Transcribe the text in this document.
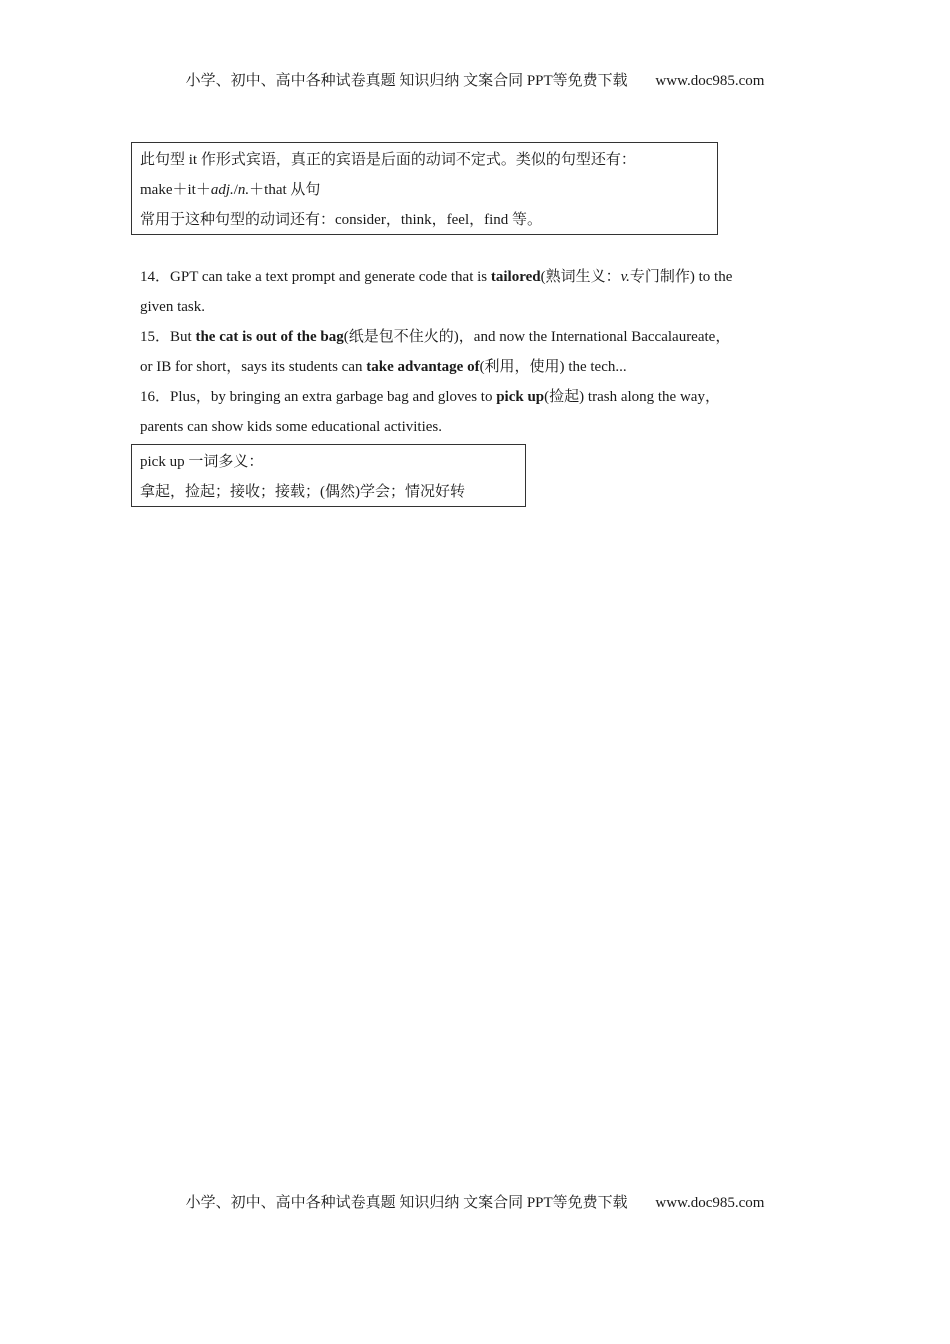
小学、初中、高中各种试卷真题 知识归纳 文案合同 PPT等免费下载 www.doc985.com

此句型 it 作形式宾语，真正的宾语是后面的动词不定式。类似的句型还有：

make＋it＋adj./n.＋that 从句

常用于这种句型的动词还有：consider，think，feel，find 等。

14．GPT can take a text prompt and generate code that is tailored(熟词生义：v.专门制作) to the
given task.

15．But the cat is out of the bag(纸是包不住火的)，and now the International Baccalaureate，
or IB for short，says its students can take advantage of(利用，使用) the tech...

16．Plus，by bringing an extra garbage bag and gloves to pick up(捡起) trash along the way，
parents can show kids some educational activities.

pick up 一词多义：

拿起，捡起；接收；接载；(偶然)学会；情况好转

小学、初中、高中各种试卷真题 知识归纳 文案合同 PPT等免费下载 www.doc985.com
